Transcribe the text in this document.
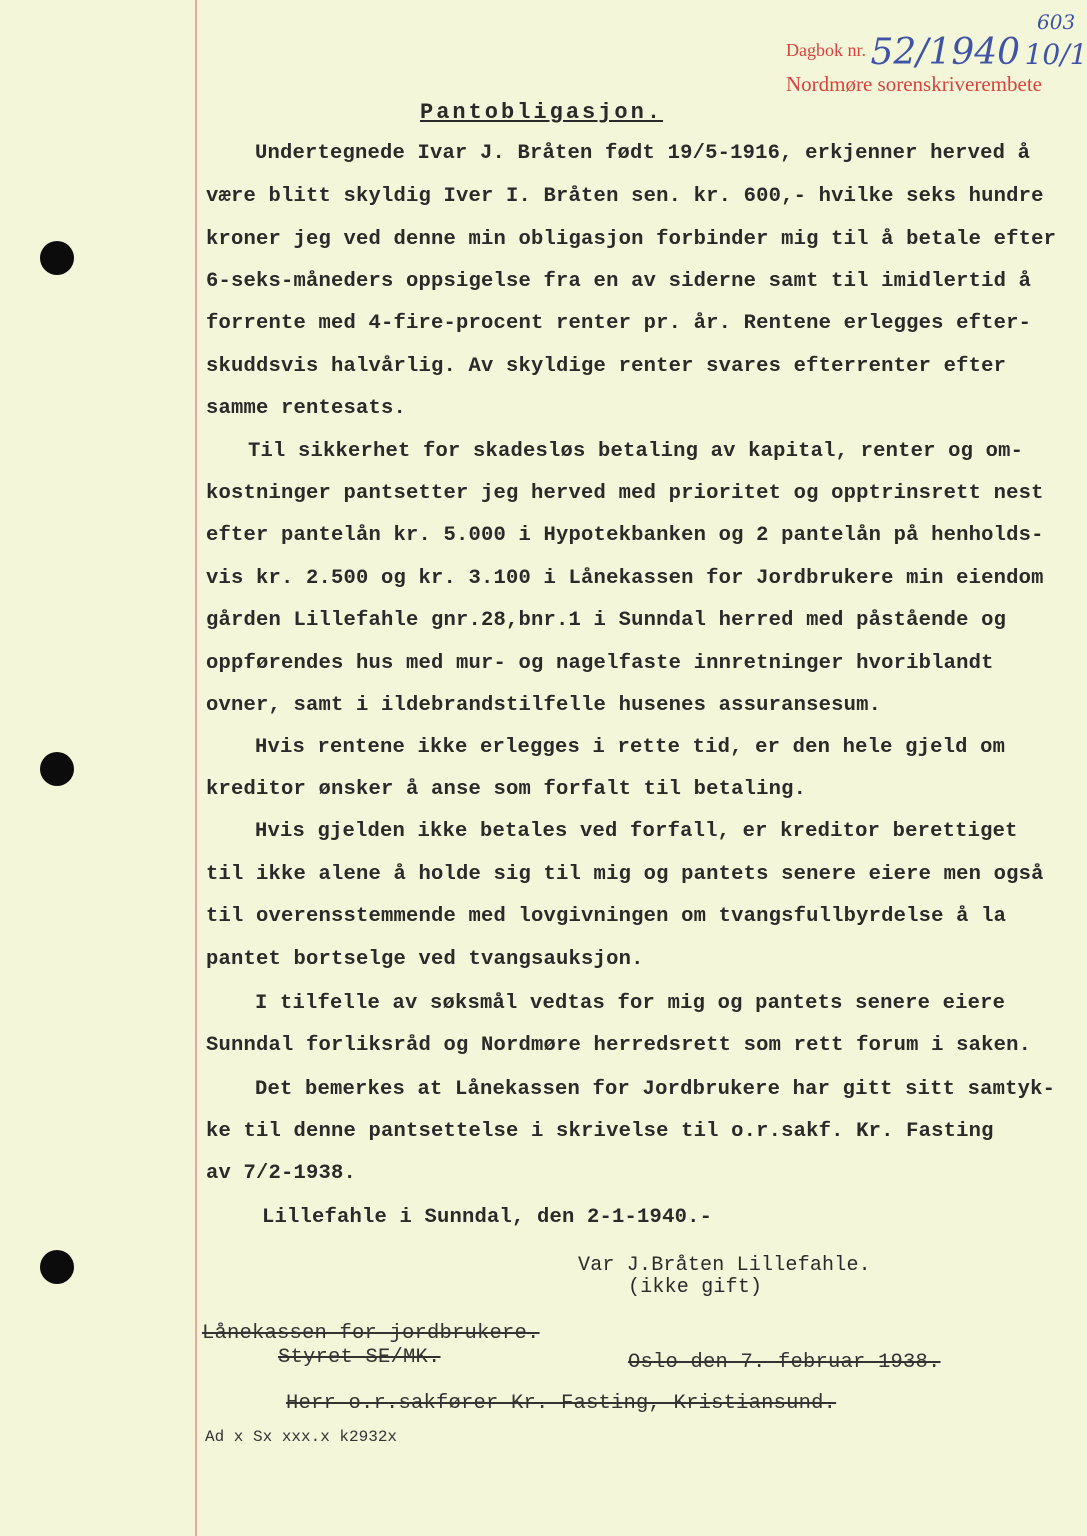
Dagbok nr. 52/1940 10/1
Nordmøre sorenskriverembete
603
Pantobligasjon.
Undertegnede Ivar J. Bråten født 19/5-1916, erkjenner herved å
være blitt skyldig Iver I. Bråten sen. kr. 600,- hvilke seks hundre
kroner jeg ved denne min obligasjon forbinder mig til å betale efter
6-seks-måneders oppsigelse fra en av siderne samt til imidlertid å
forrente med 4-fire-procent renter pr. år. Rentene erlegges efter-
skuddsvis halvårlig. Av skyldige renter svares efterrenter efter
samme rentesats.
Til sikkerhet for skadesløs betaling av kapital, renter og om-
kostninger pantsetter jeg herved med prioritet og opptrinsrett nest
efter pantelån kr. 5.000 i Hypotekbanken og 2 pantelån på henholds-
vis kr. 2.500 og kr. 3.100 i Lånekassen for Jordbrukere min eiendom
gården Lillefahle gnr.28,bnr.1 i Sunndal herred med påstående og
oppførendes hus med mur- og nagelfaste innretninger hvoriblandt
ovner, samt i ildebrandstilfelle husenes assuransesum.
Hvis rentene ikke erlegges i rette tid, er den hele gjeld om
kreditor ønsker å anse som forfalt til betaling.
Hvis gjelden ikke betales ved forfall, er kreditor berettiget
til ikke alene å holde sig til mig og pantets senere eiere men også
til overensstemmende med lovgivningen om tvangsfullbyrdelse å la
pantet bortselge ved tvangsauksjon.
I tilfelle av søksmål vedtas for mig og pantets senere eiere
Sunndal forliksråd og Nordmøre herredsrett som rett forum i saken.
Det bemerkes at Lånekassen for Jordbrukere har gitt sitt samtyk-
ke til denne pantsettelse i skrivelse til o.r.sakf. Kr. Fasting
av 7/2-1938.
Lillefahle i Sunndal, den 2-1-1940.-
Var J.Bråten Lillefahle.
(ikke gift)
Lånekassen for jordbrukere.
Styret SE/MK.	Oslo den 7. februar 1938.
Herr o.r.sakfører Kr. Fasting, Kristiansund.
Ad x Sx xxx.x k2932x
